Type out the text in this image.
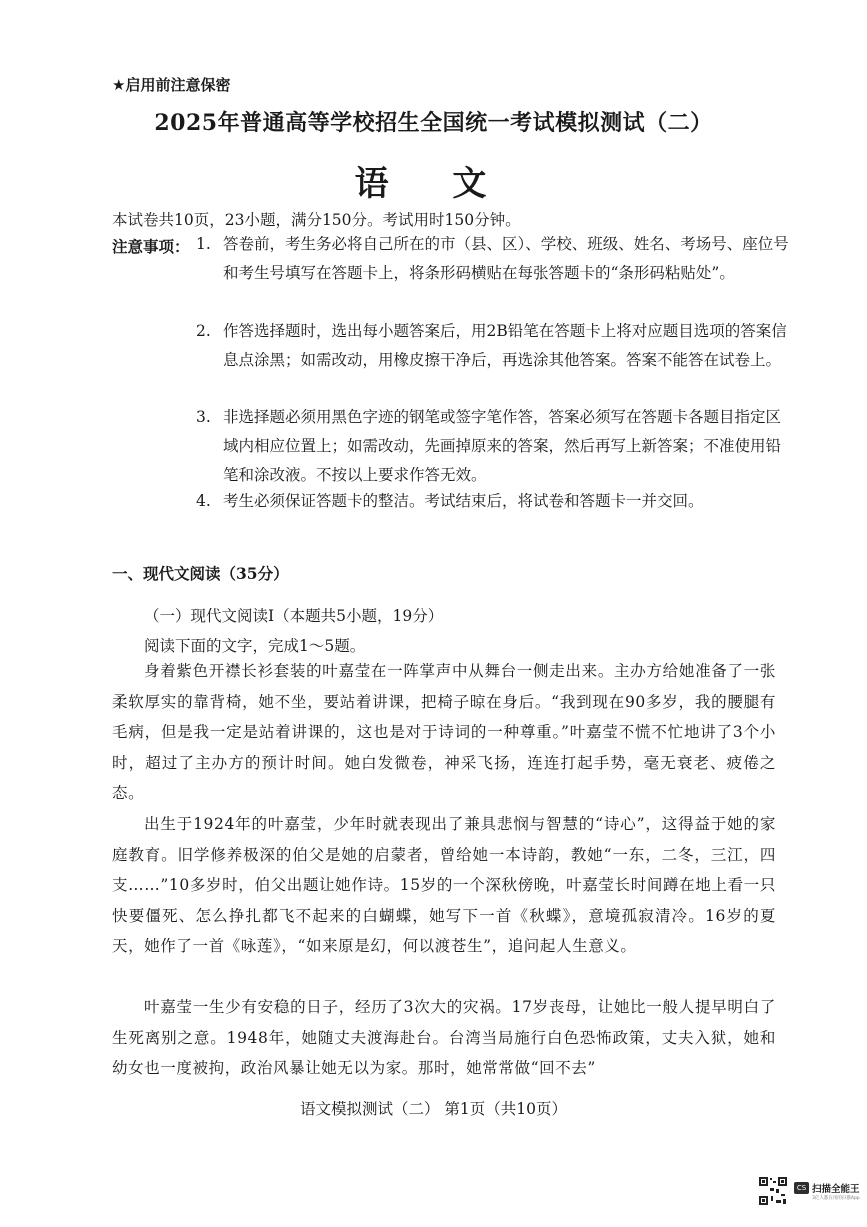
★启用前注意保密
2025年普通高等学校招生全国统一考试模拟测试（二）
语 文
本试卷共10页，23小题，满分150分。考试用时150分钟。
注意事项： 1. 答卷前，考生务必将自己所在的市（县、区）、学校、班级、姓名、考场号、座位号和考生号填写在答题卡上，将条形码横贴在每张答题卡的“条形码粘贴处”。
2. 作答选择题时，选出每小题答案后，用2B铅笔在答题卡上将对应题目选项的答案信息点涂黑；如需改动，用橡皮擦干净后，再选涂其他答案。答案不能答在试卷上。
3. 非选择题必须用黑色字迹的钢笔或签字笔作答，答案必须写在答题卡各题目指定区域内相应位置上；如需改动，先画掉原来的答案，然后再写上新答案；不准使用铅笔和涂改液。不按以上要求作答无效。
4. 考生必须保证答题卡的整洁。考试结束后，将试卷和答题卡一并交回。
一、现代文阅读（35分）
（一）现代文阅读Ⅰ（本题共5小题，19分）
阅读下面的文字，完成1～5题。
身着紫色开襟长衫套装的叶嘉莹在一阵掌声中从舞台一侧走出来。主办方给她准备了一张柔软厚实的靠背椅，她不坐，要站着讲课，把椅子晾在身后。“我到现在90多岁，我的腰腿有毛病，但是我一定是站着讲课的，这也是对于诗词的一种尊重。”叶嘉莹不慌不忙地讲了3个小时，超过了主办方的预计时间。她白发微卷，神采飞扬，连连打起手势，毫无衰老、疲倦之态。
出生于1924年的叶嘉莹，少年时就表现出了兼具悲悯与智慧的“诗心”，这得益于她的家庭教育。旧学修养极深的伯父是她的启蒙者，曾给她一本诗韵，教她“一东，二冬，三江，四支……”10多岁时，伯父出题让她作诗。15岁的一个深秋傍晚，叶嘉莹长时间蹲在地上看一只快要僵死、怎么挣扎都飞不起来的白蝴蝶，她写下一首《秋蝶》，意境孤寂清冷。16岁的夏天，她作了一首《咏莲》，“如来原是幻，何以渡苍生”，追问起人生意义。
叶嘉莹一生少有安稳的日子，经历了3次大的灾祸。17岁丧母，让她比一般人提早明白了生死离别之意。1948年，她随丈夫渡海赴台。台湾当局施行白色恐怖政策，丈夫入狱，她和幼女也一度被拘，政治风暴让她无以为家。那时，她常常做“回不去”
语文模拟测试（二） 第1页（共10页）
CS 扫描全能王
3亿人都在用的扫描App
